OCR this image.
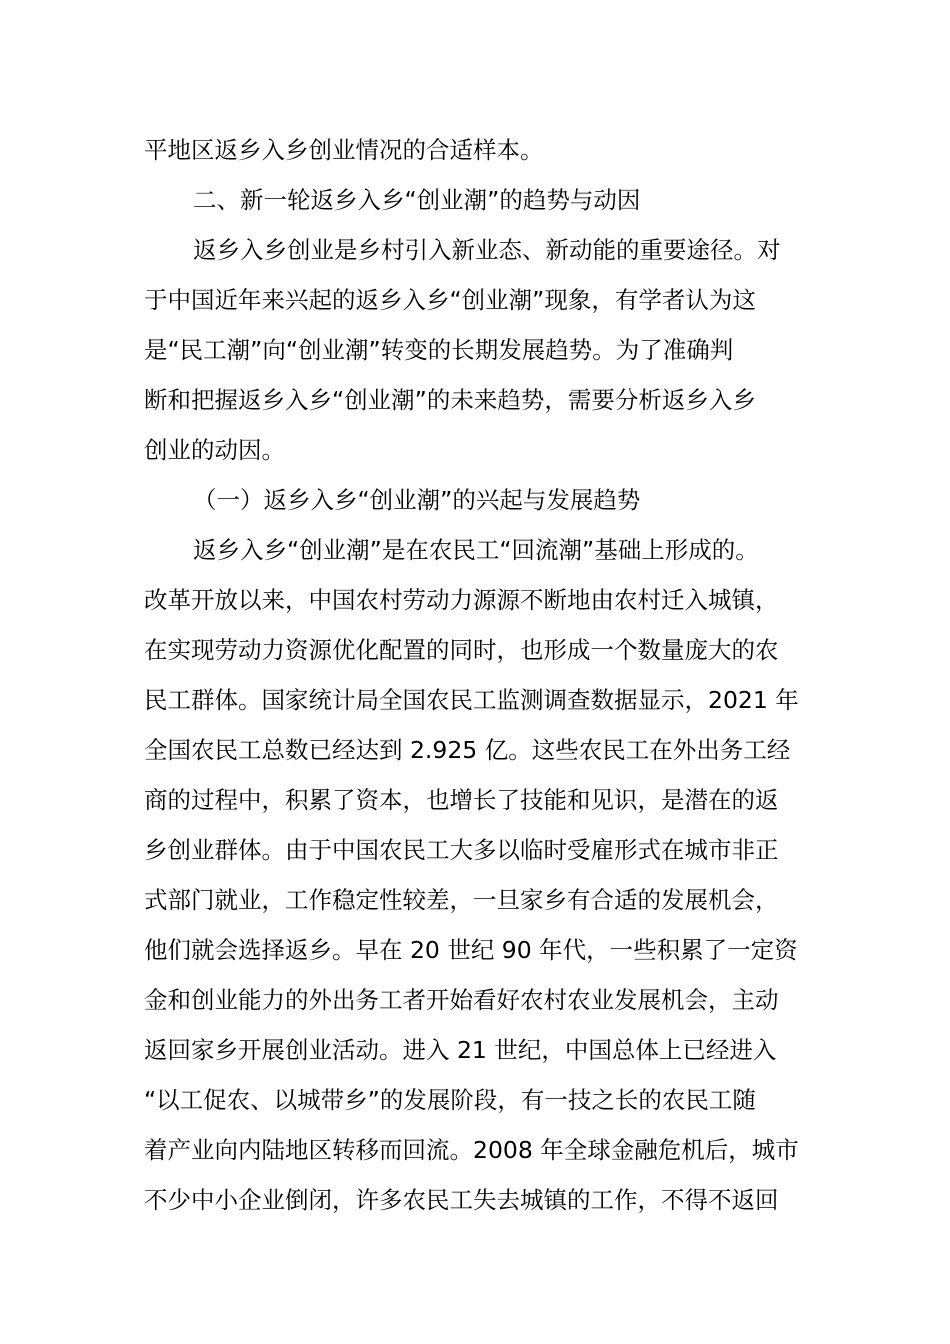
平地区返乡入乡创业情况的合适样本。
二、新一轮返乡入乡“创业潮”的趋势与动因
返乡入乡创业是乡村引入新业态、新动能的重要途径。对
于中国近年来兴起的返乡入乡“创业潮”现象，有学者认为这
是“民工潮”向“创业潮”转变的长期发展趋势。为了准确判
断和把握返乡入乡“创业潮”的未来趋势，需要分析返乡入乡
创业的动因。
（一）返乡入乡“创业潮”的兴起与发展趋势
返乡入乡“创业潮”是在农民工“回流潮”基础上形成的。
改革开放以来，中国农村劳动力源源不断地由农村迁入城镇，
在实现劳动力资源优化配置的同时，也形成一个数量庞大的农
民工群体。国家统计局全国农民工监测调查数据显示，2021 年
全国农民工总数已经达到 2.925 亿。这些农民工在外出务工经
商的过程中，积累了资本，也增长了技能和见识，是潜在的返
乡创业群体。由于中国农民工大多以临时受雇形式在城市非正
式部门就业，工作稳定性较差，一旦家乡有合适的发展机会，
他们就会选择返乡。早在 20 世纪 90 年代，一些积累了一定资
金和创业能力的外出务工者开始看好农村农业发展机会，主动
返回家乡开展创业活动。进入 21 世纪，中国总体上已经进入
“以工促农、以城带乡”的发展阶段，有一技之长的农民工随
着产业向内陆地区转移而回流。2008 年全球金融危机后，城市
不少中小企业倒闭，许多农民工失去城镇的工作，不得不返回
